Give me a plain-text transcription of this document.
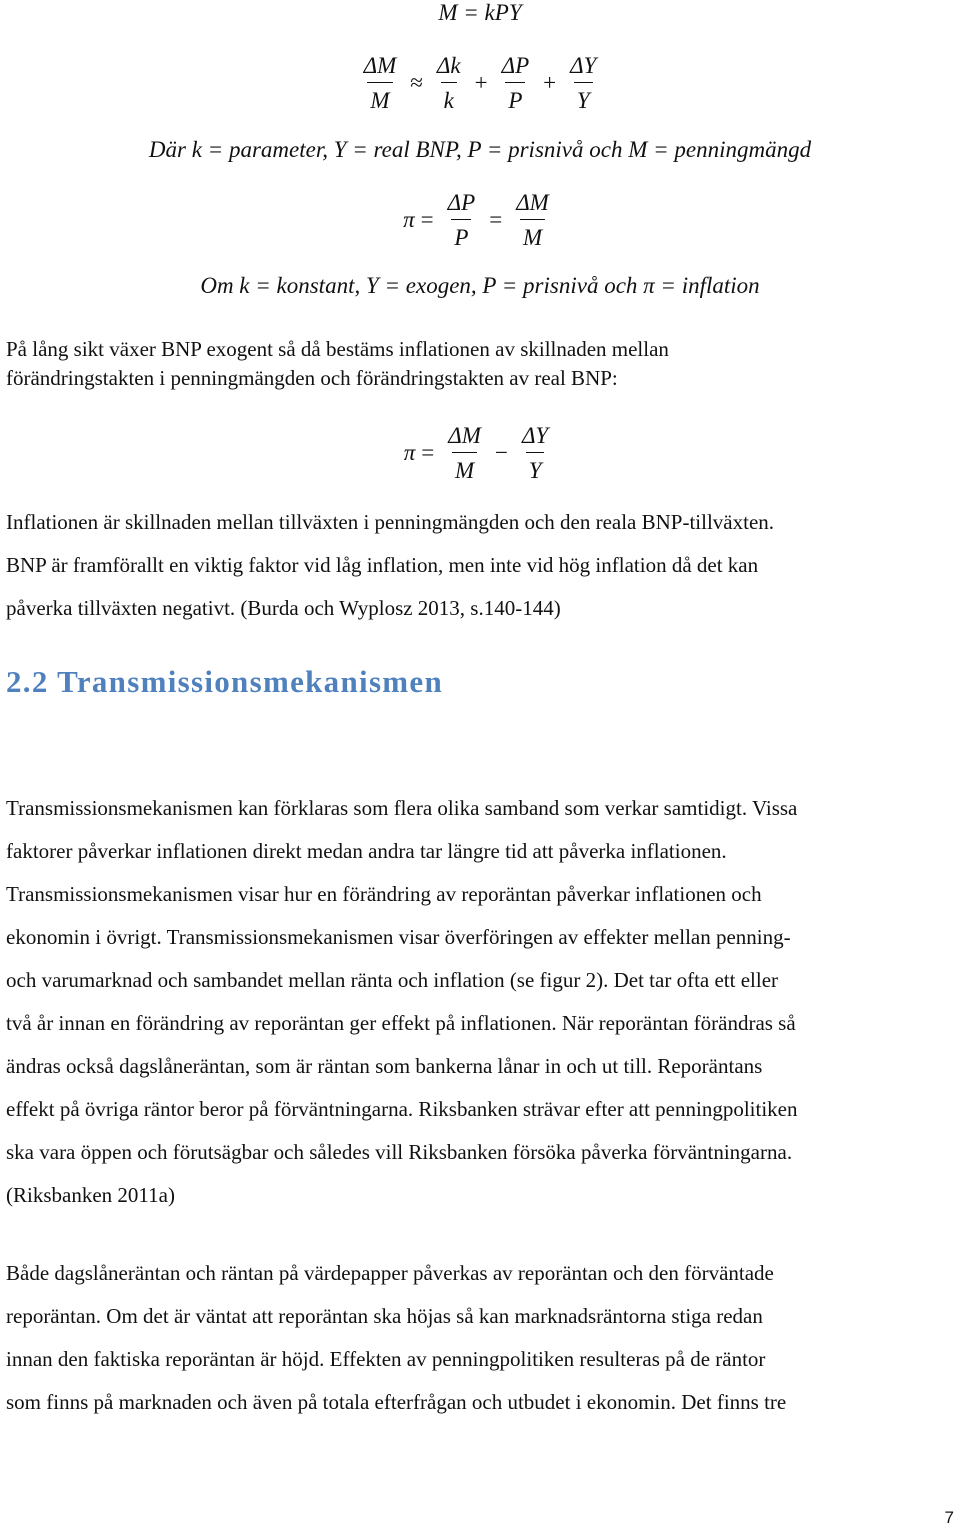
M = kPY
$\frac{\Delta M}{M} \approx \frac{\Delta k}{k} + \frac{\Delta P}{P} + \frac{\Delta Y}{Y}$
Där k = parameter, Y = real BNP, P = prisnivå och M = penningmängd
$\pi = \frac{\Delta P}{P} = \frac{\Delta M}{M}$
Om k = konstant, Y = exogen, P = prisnivå och π = inflation

På lång sikt växer BNP exogent så då bestäms inflationen av skillnaden mellan
förändringstakten i penningmängden och förändringstakten av real BNP:

$\pi = \frac{\Delta M}{M} - \frac{\Delta Y}{Y}$

Inflationen är skillnaden mellan tillväxten i penningmängden och den reala BNP-tillväxten.

BNP är framförallt en viktig faktor vid låg inflation, men inte vid hög inflation då det kan
påverka tillväxten negativt. (Burda och Wyplosz 2013, s.140-144)

2.2 Transmissionsmekanismen

Transmissionsmekanismen kan förklaras som flera olika samband som verkar samtidigt. Vissa
faktorer påverkar inflationen direkt medan andra tar längre tid att påverka inflationen.
Transmissionsmekanismen visar hur en förändring av reporäntan påverkar inflationen och
ekonomin i övrigt. Transmissionsmekanismen visar överföringen av effekter mellan penning-
och varumarknad och sambandet mellan ränta och inflation (se figur 2). Det tar ofta ett eller
två år innan en förändring av reporäntan ger effekt på inflationen. När reporäntan förändras så
ändras också dagslåneräntan, som är räntan som bankerna lånar in och ut till. Reporäntans
effekt på övriga räntor beror på förväntningarna. Riksbanken strävar efter att penningpolitiken
ska vara öppen och förutsägbar och således vill Riksbanken försöka påverka förväntningarna.
(Riksbanken 2011a)

Både dagslåneräntan och räntan på värdepapper påverkas av reporäntan och den förväntade
reporäntan. Om det är väntat att reporäntan ska höjas så kan marknadsräntorna stiga redan
innan den faktiska reporäntan är höjd. Effekten av penningpolitiken resulteras på de räntor
som finns på marknaden och även på totala efterfrågan och utbudet i ekonomin. Det finns tre

7
